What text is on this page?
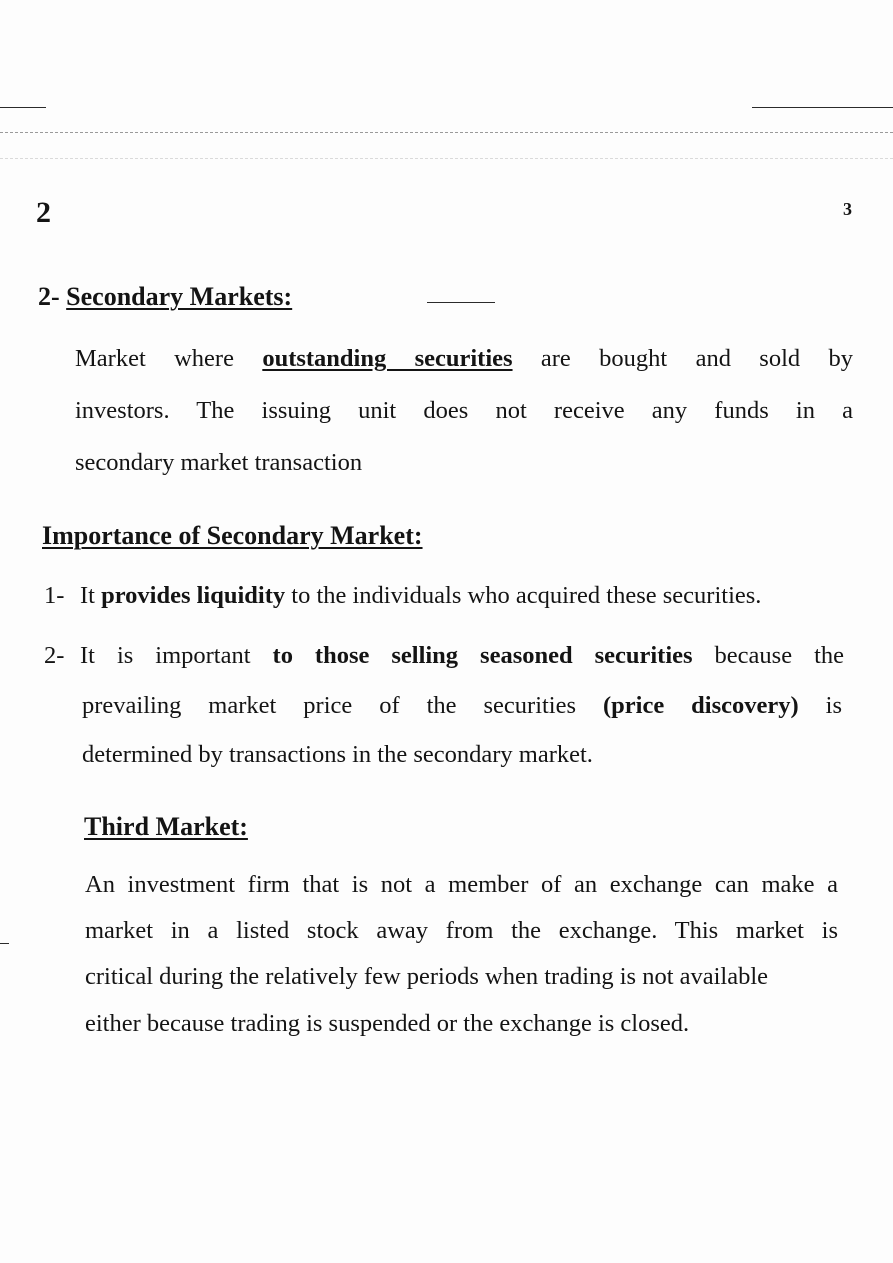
2	3
2- Secondary Markets:
Market where outstanding securities are bought and sold by
investors. The issuing unit does not receive any funds in a
secondary market transaction
Importance of Secondary Market:
1- It provides liquidity to the individuals who acquired these securities.
2- It is important to those selling seasoned securities because the
prevailing market price of the securities (price discovery) is
determined by transactions in the secondary market.
Third Market:
An investment firm that is not a member of an exchange can make a
market in a listed stock away from the exchange. This market is
critical during the relatively few periods when trading is not available
either because trading is suspended or the exchange is closed.
